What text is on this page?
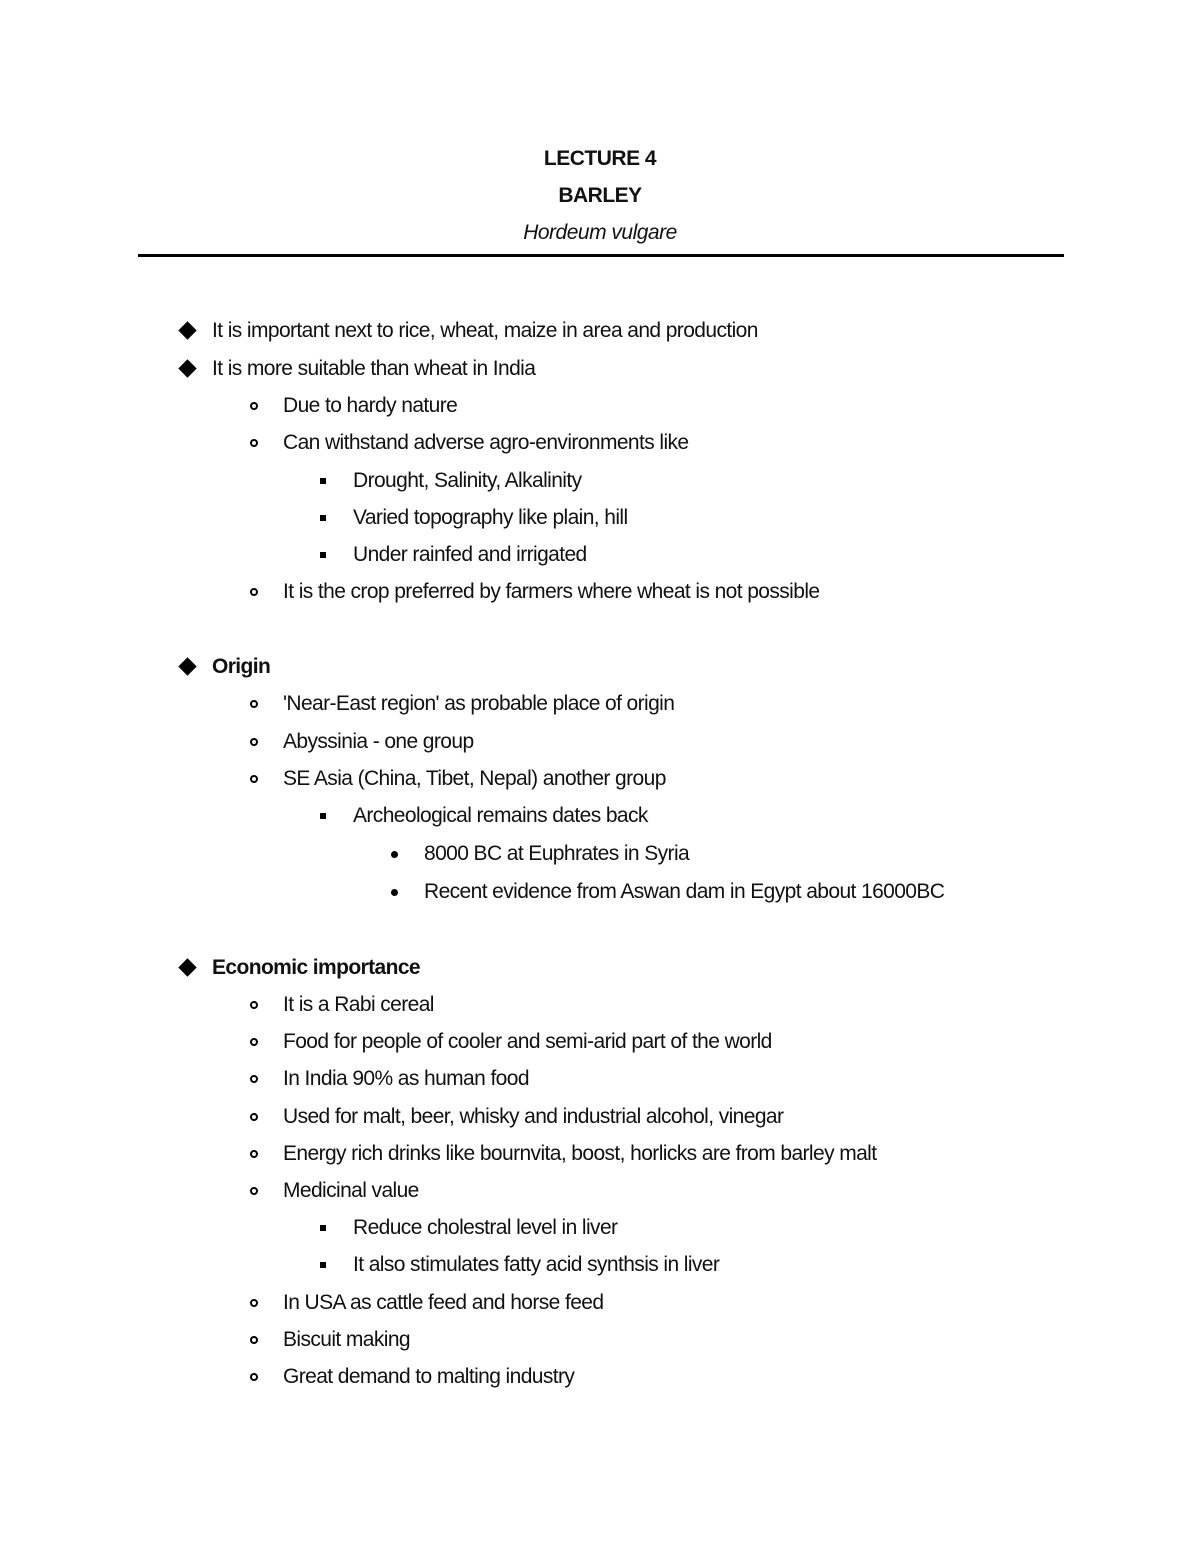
LECTURE 4
BARLEY
Hordeum vulgare
It is important next to rice, wheat, maize in area and production
It is more suitable than wheat in India
Due to hardy nature
Can withstand adverse agro-environments like
Drought, Salinity, Alkalinity
Varied topography like plain, hill
Under rainfed and irrigated
It is the crop preferred by farmers where wheat is not possible
Origin
'Near-East region' as probable place of origin
Abyssinia - one group
SE Asia (China, Tibet, Nepal) another group
Archeological remains dates back
8000 BC at Euphrates in Syria
Recent evidence from Aswan dam in Egypt about 16000BC
Economic importance
It is a Rabi cereal
Food for people of cooler and semi-arid part of the world
In India 90% as human food
Used for malt, beer, whisky and industrial alcohol, vinegar
Energy rich drinks like bournvita, boost, horlicks are from barley malt
Medicinal value
Reduce cholestral level in liver
It also stimulates fatty acid synthsis in liver
In USA as cattle feed and horse feed
Biscuit making
Great demand to malting industry
